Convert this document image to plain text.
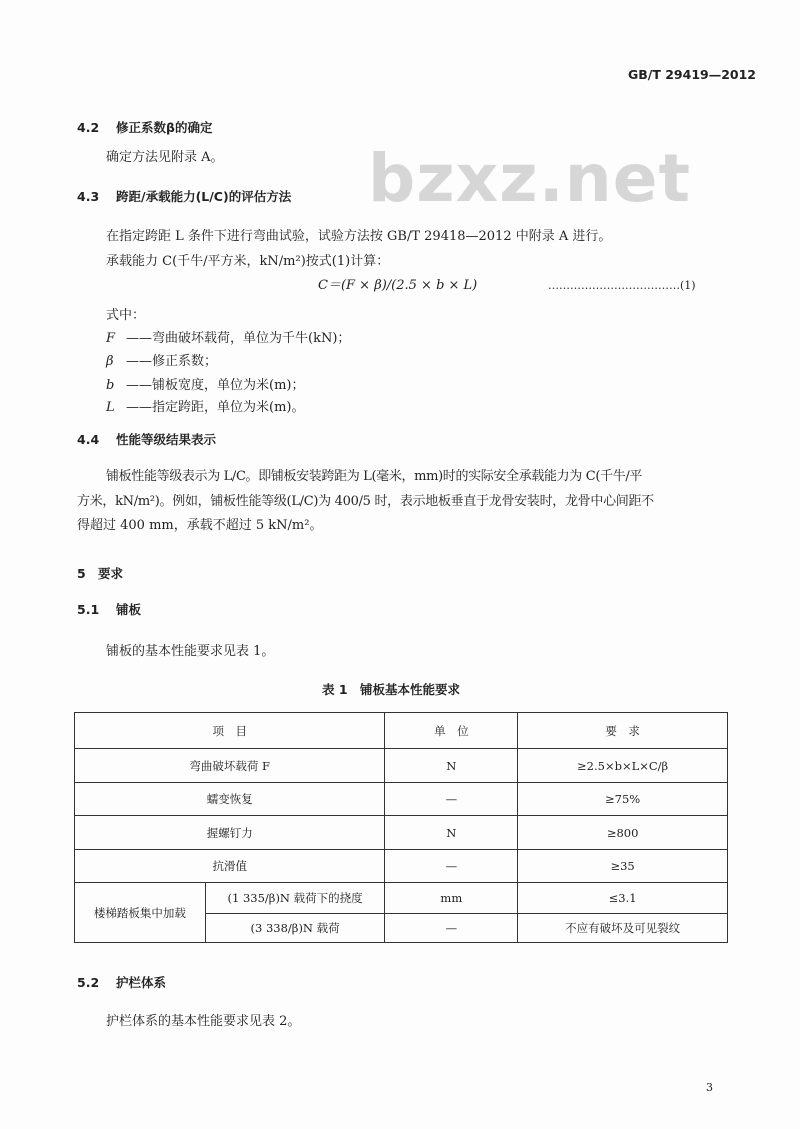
GB/T 29419—2012
bzxz.net
4.2 修正系数β的确定
确定方法见附录 A。
4.3 跨距/承载能力(L/C)的评估方法
在指定跨距 L 条件下进行弯曲试验，试验方法按 GB/T 29418—2012 中附录 A 进行。
承载能力 C(千牛/平方米，kN/m²)按式(1)计算：
C＝(F × β)/(2.5 × b × L)	………………………………(1)
式中：
F ——弯曲破坏载荷，单位为千牛(kN)；
β ——修正系数；
b ——铺板宽度，单位为米(m)；
L ——指定跨距，单位为米(m)。
4.4 性能等级结果表示
铺板性能等级表示为 L/C。即铺板安装跨距为 L(毫米，mm)时的实际安全承载能力为 C(千牛/平
方米，kN/m²)。例如，铺板性能等级(L/C)为 400/5 时，表示地板垂直于龙骨安装时，龙骨中心间距不
得超过 400 mm，承载不超过 5 kN/m²。
5 要求
5.1 铺板
铺板的基本性能要求见表 1。
表 1　铺板基本性能要求
项　目		单　位	要　求
弯曲破坏载荷 F		N	≥2.5×b×L×C/β
蠕变恢复		—	≥75%
握螺钉力		N	≥800
抗滑值		—	≥35
楼梯踏板集中加载	(1 335/β)N 载荷下的挠度	mm	≤3.1
	(3 338/β)N 载荷	—	不应有破坏及可见裂纹
5.2 护栏体系
护栏体系的基本性能要求见表 2。
3
